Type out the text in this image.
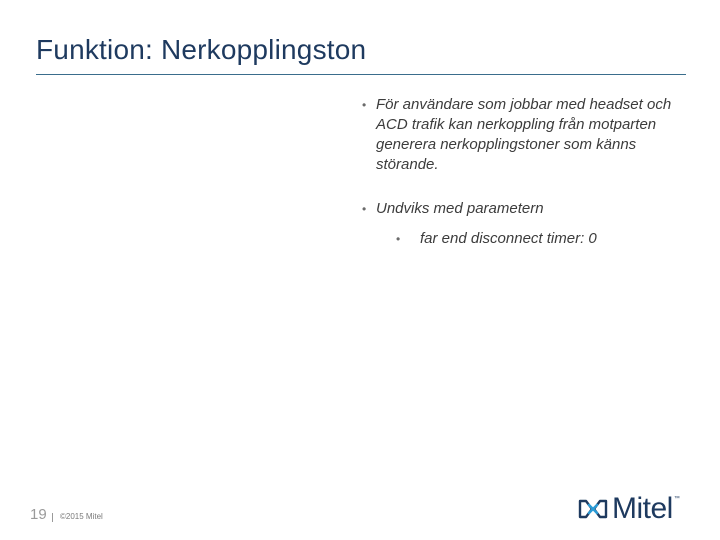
Funktion: Nerkopplingston
• För användare som jobbar med headset och ACD trafik kan nerkoppling från motparten generera nerkopplingstoner som känns störande.
• Undviks med parametern
• far end disconnect timer: 0
19 ©2015 Mitel	Mitel ™
